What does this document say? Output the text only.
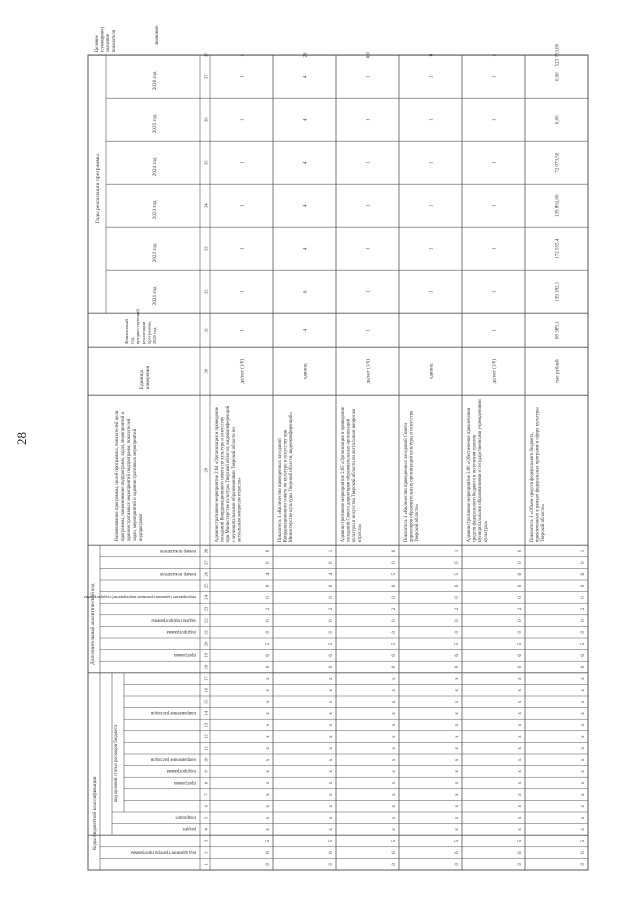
28
Коды бюджетной классификации
Дополнительный аналитический код
код целевой статьи расходов бюджета
код администратора программы
раздел
подраздел
программа
подпрограмма
направление расходов
направление расходов
программа
подпрограмма
задача подпрограммы
мероприятие (административное мероприятие) подпрограммы
номер показателя
номер показателя
Наименование программы, целей программы, показателей целипрограммы, наименование подпрограмм, задач, мероприятий иадминистративных мероприятий подпрограмм, показателейзадач, мероприятий и административных мероприятийподпрограмм
Единицаизмерения
Финансовыйгод,предшествующийреализациипрограммы,2020 год
Годы реализации программы
2021 год
2022 год
2023 год
2024 год
2025 год
2026 год
Целевое(суммарное)значениепоказателя	значение
1
2
3
4
5
6
7
8
9
10
11
12
13
14
15
16
17
18
19
20
21
22
23
24
25
26
27
28
29
30
31
32
33
34
35
36
37
37
0
6
5
x
x
x
x
x
x
x
x
x
x
x
x
x
x
0
6
5
0
0
2
0
0
4
0
0
Административное мероприятие 2.04 «Организация и проведениезаседаний Координационного совета по культуре и искусствупри Министерстве культуры Тверской области, видеоконференцийс муниципальными образованиями Тверской области поактуальным вопросам отрасли»
да/нет (1/0)
1
1
1
1
1
1
1
x
0
6
5
x
x
x
x
x
x
x
x
x
x
x
x
x
x
0
6
5
0
0
2
0
0
4
0
1
Показатель 1 «Количество проведенных заседанийКоординационного совета по культуре и искусству приМинистерстве культуры Тверской области, видеоконференций»
единиц
4
6
4
4
4
4
4
26
0
6
5
x
x
x
x
x
x
x
x
x
x
x
x
x
x
0
6
5
0
0
2
0
0
5
0
0
Административное мероприятие 2.05 «Организация и проведениезаседаний Совета директоров образовательных организацийкультуры и искусства Тверской области по актуальным вопросамотрасли»
да/нет (1/0)
1
1
1
1
1
1
1
6,0
0
6
5
x
x
x
x
x
x
x
x
x
x
x
x
x
x
0
6
5
0
0
2
0
0
5
0
1
Показатель 1 «Количество проведенных заседаний Советадиректоров образовательных организаций культуры и искусстваТверской области»
единиц
1
1
1
1
1
1
6
0
6
5
x
x
x
x
x
x
x
x
x
x
x
x
x
x
0
6
5
0
0
2
0
0
6
0
0
Административное мероприятие 2.06 «Обеспечение привлечениясредств федерального бюджета и получения грантовмуниципальными образованиями и государственными учреждениямикультуры»
да/нет (1/0)
1
1
1
1
1
1
1
x
0
6
5
x
x
x
x
x
x
x
x
x
x
x
x
x
x
0
6
5
0
0
2
0
0
6
0
1
Показатель 1 «Объем средств федерального бюджета,привлеченных в рамках федеральных программ в сферу культурыТверской области»
тыс рублей
69 389,1
139 182,1
172 555,4
139 892,00
72 073,50
0,00
0,00
523 703,00
